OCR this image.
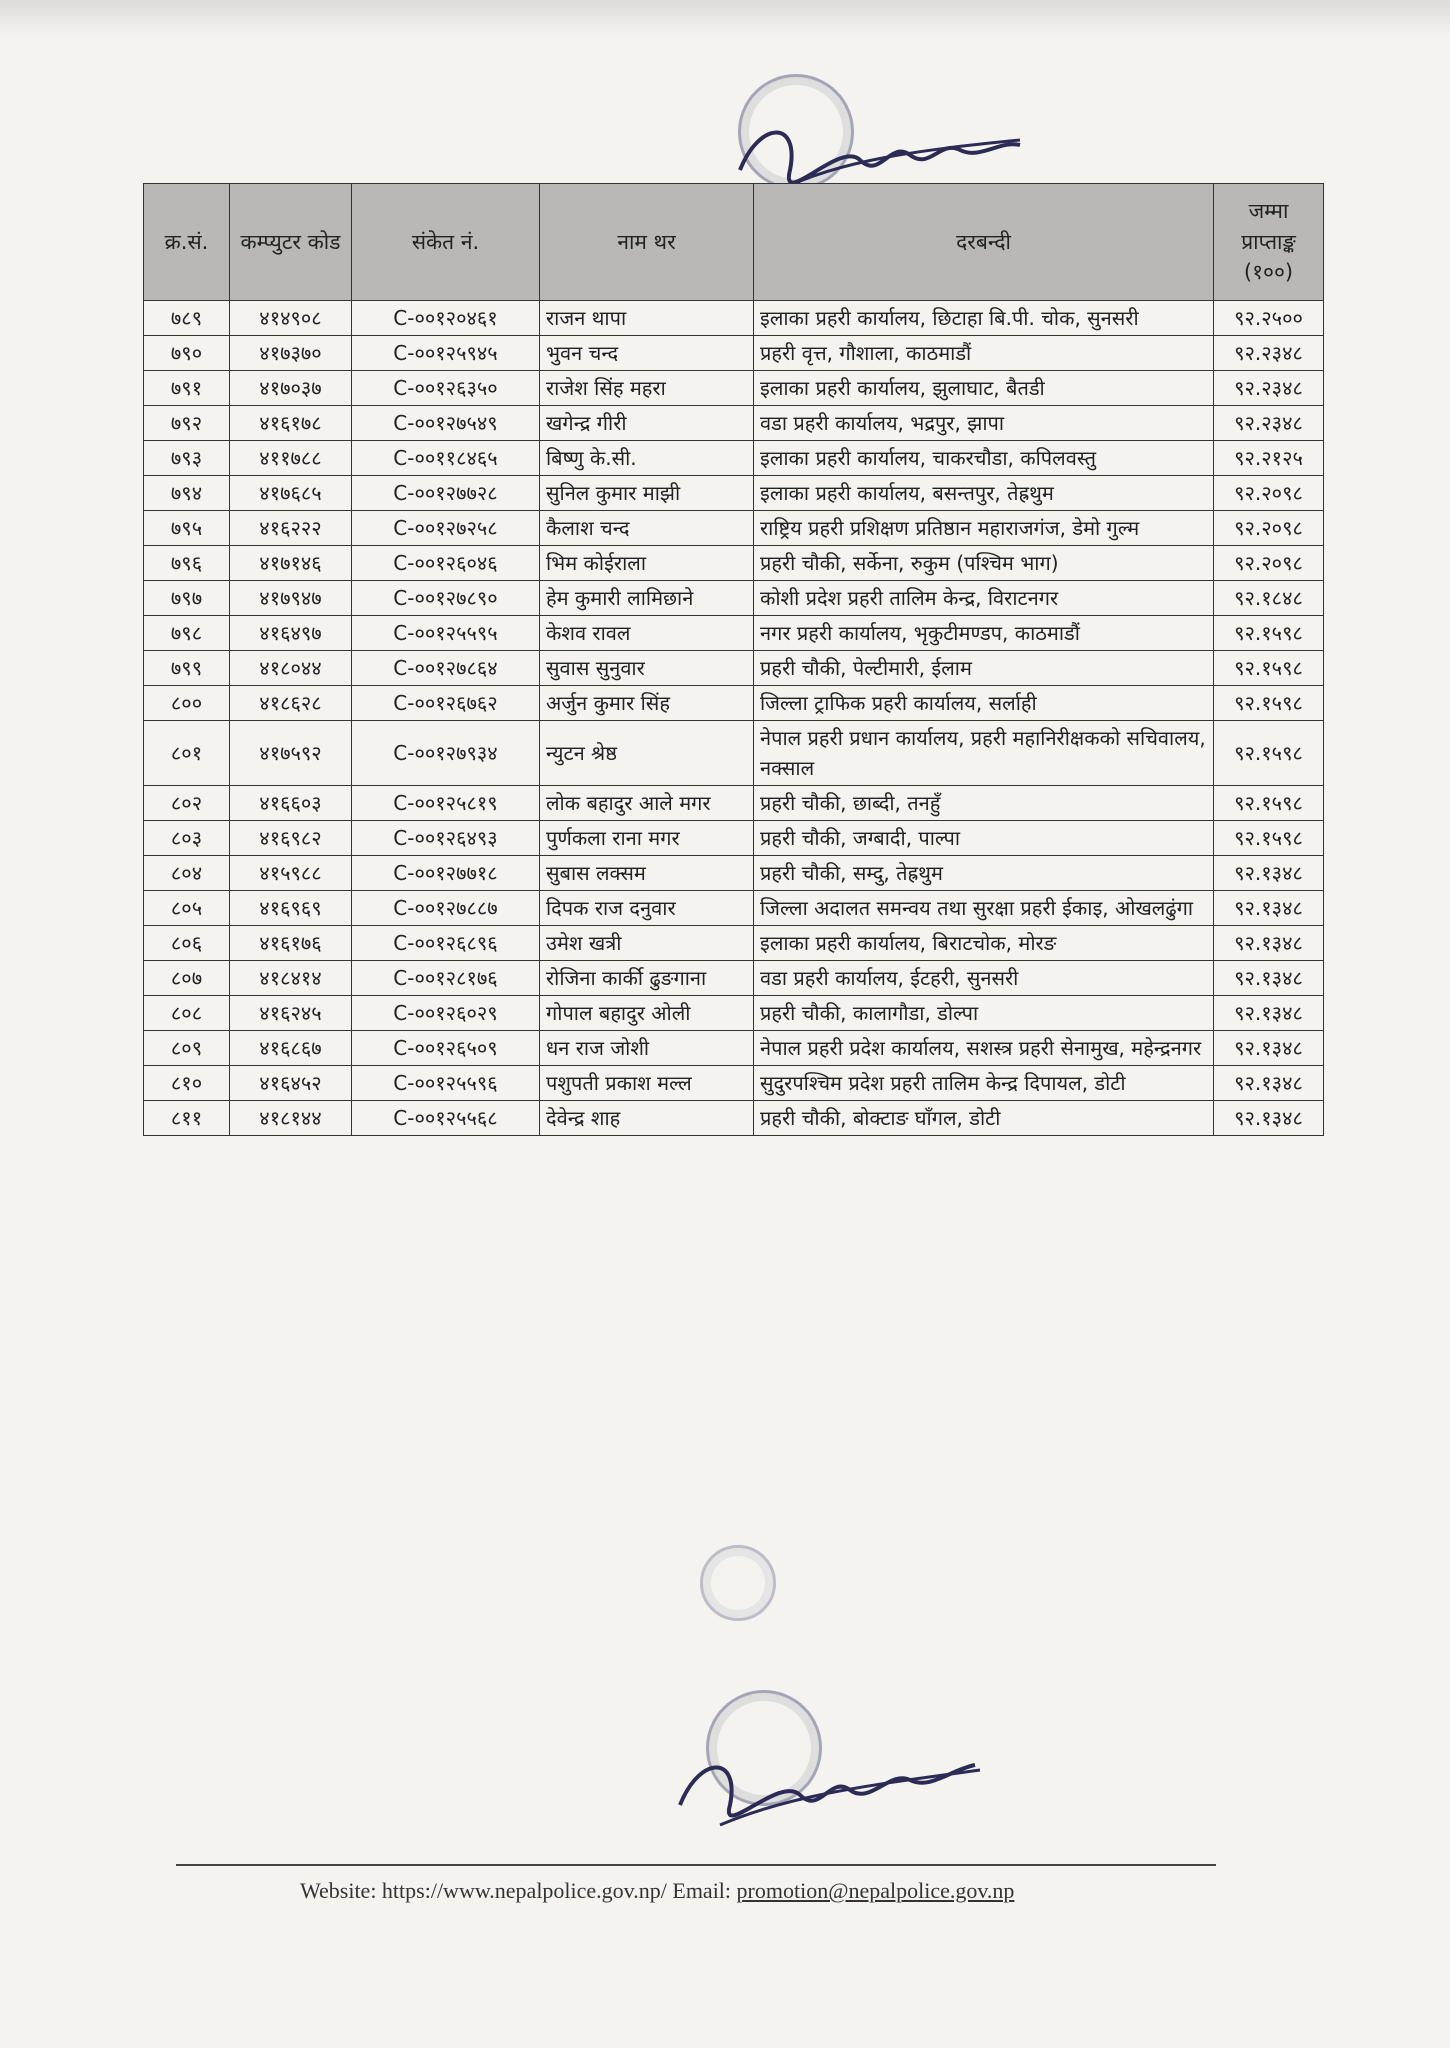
क्र.सं.	कम्प्युटर कोड	संकेत नं.	नाम थर	दरबन्दी	जम्मा प्राप्ताङ्क (१००)
७८९	४१४९०८	C-००१२०४६१	राजन थापा	इलाका प्रहरी कार्यालय, छिटाहा बि.पी. चोक, सुनसरी	९२.२५००
७९०	४१७३७०	C-००१२५९४५	भुवन चन्द	प्रहरी वृत्त, गौशाला, काठमाडौं	९२.२३४८
७९१	४१७०३७	C-००१२६३५०	राजेश सिंह महरा	इलाका प्रहरी कार्यालय, झुलाघाट, बैतडी	९२.२३४८
७९२	४१६१७८	C-००१२७५४९	खगेन्द्र गीरी	वडा प्रहरी कार्यालय, भद्रपुर, झापा	९२.२३४८
७९३	४११७८८	C-००११८४६५	बिष्णु के.सी.	इलाका प्रहरी कार्यालय, चाकरचौडा, कपिलवस्तु	९२.२१२५
७९४	४१७६८५	C-००१२७७२८	सुनिल कुमार माझी	इलाका प्रहरी कार्यालय, बसन्तपुर, तेह्रथुम	९२.२०९८
७९५	४१६२२२	C-००१२७२५८	कैलाश चन्द	राष्ट्रिय प्रहरी प्रशिक्षण प्रतिष्ठान महाराजगंज, डेमो गुल्म	९२.२०९८
७९६	४१७१४६	C-००१२६०४६	भिम कोईराला	प्रहरी चौकी, सर्केना, रुकुम (पश्चिम भाग)	९२.२०९८
७९७	४१७९४७	C-००१२७८९०	हेम कुमारी लामिछाने	कोशी प्रदेश प्रहरी तालिम केन्द्र, विराटनगर	९२.१८४८
७९८	४१६४९७	C-००१२५५९५	केशव रावल	नगर प्रहरी कार्यालय, भृकुटीमण्डप, काठमाडौं	९२.१५९८
७९९	४१८०४४	C-००१२७८६४	सुवास सुनुवार	प्रहरी चौकी, पेल्टीमारी, ईलाम	९२.१५९८
८००	४१८६२८	C-००१२६७६२	अर्जुन कुमार सिंह	जिल्ला ट्राफिक प्रहरी कार्यालय, सर्लाही	९२.१५९८
८०१	४१७५९२	C-००१२७९३४	न्युटन श्रेष्ठ	नेपाल प्रहरी प्रधान कार्यालय, प्रहरी महानिरीक्षकको सचिवालय, नक्साल	९२.१५९८
८०२	४१६६०३	C-००१२५८१९	लोक बहादुर आले मगर	प्रहरी चौकी, छाब्दी, तनहुँ	९२.१५९८
८०३	४१६९८२	C-००१२६४९३	पुर्णकला राना मगर	प्रहरी चौकी, जग्बादी, पाल्पा	९२.१५९८
८०४	४१५९८८	C-००१२७७१८	सुबास लक्सम	प्रहरी चौकी, सम्दु, तेह्रथुम	९२.१३४८
८०५	४१६९६९	C-००१२७८८७	दिपक राज दनुवार	जिल्ला अदालत समन्वय तथा सुरक्षा प्रहरी ईकाइ, ओखलढुंगा	९२.१३४८
८०६	४१६१७६	C-००१२६८९६	उमेश खत्री	इलाका प्रहरी कार्यालय, बिराटचोक, मोरङ	९२.१३४८
८०७	४१८४१४	C-००१२८१७६	रोजिना कार्की ढुङगाना	वडा प्रहरी कार्यालय, ईटहरी, सुनसरी	९२.१३४८
८०८	४१६२४५	C-००१२६०२९	गोपाल बहादुर ओली	प्रहरी चौकी, कालागौडा, डोल्पा	९२.१३४८
८०९	४१६८६७	C-००१२६५०९	धन राज जोशी	नेपाल प्रहरी प्रदेश कार्यालय, सशस्त्र प्रहरी सेनामुख, महेन्द्रनगर	९२.१३४८
८१०	४१६४५२	C-००१२५५९६	पशुपती प्रकाश मल्ल	सुदुरपश्चिम प्रदेश प्रहरी तालिम केन्द्र दिपायल, डोटी	९२.१३४८
८११	४१८१४४	C-००१२५५६८	देवेन्द्र शाह	प्रहरी चौकी, बोक्टाङ घाँगल, डोटी	९२.१३४८
Website: https://www.nepalpolice.gov.np/ Email: promotion@nepalpolice.gov.np
